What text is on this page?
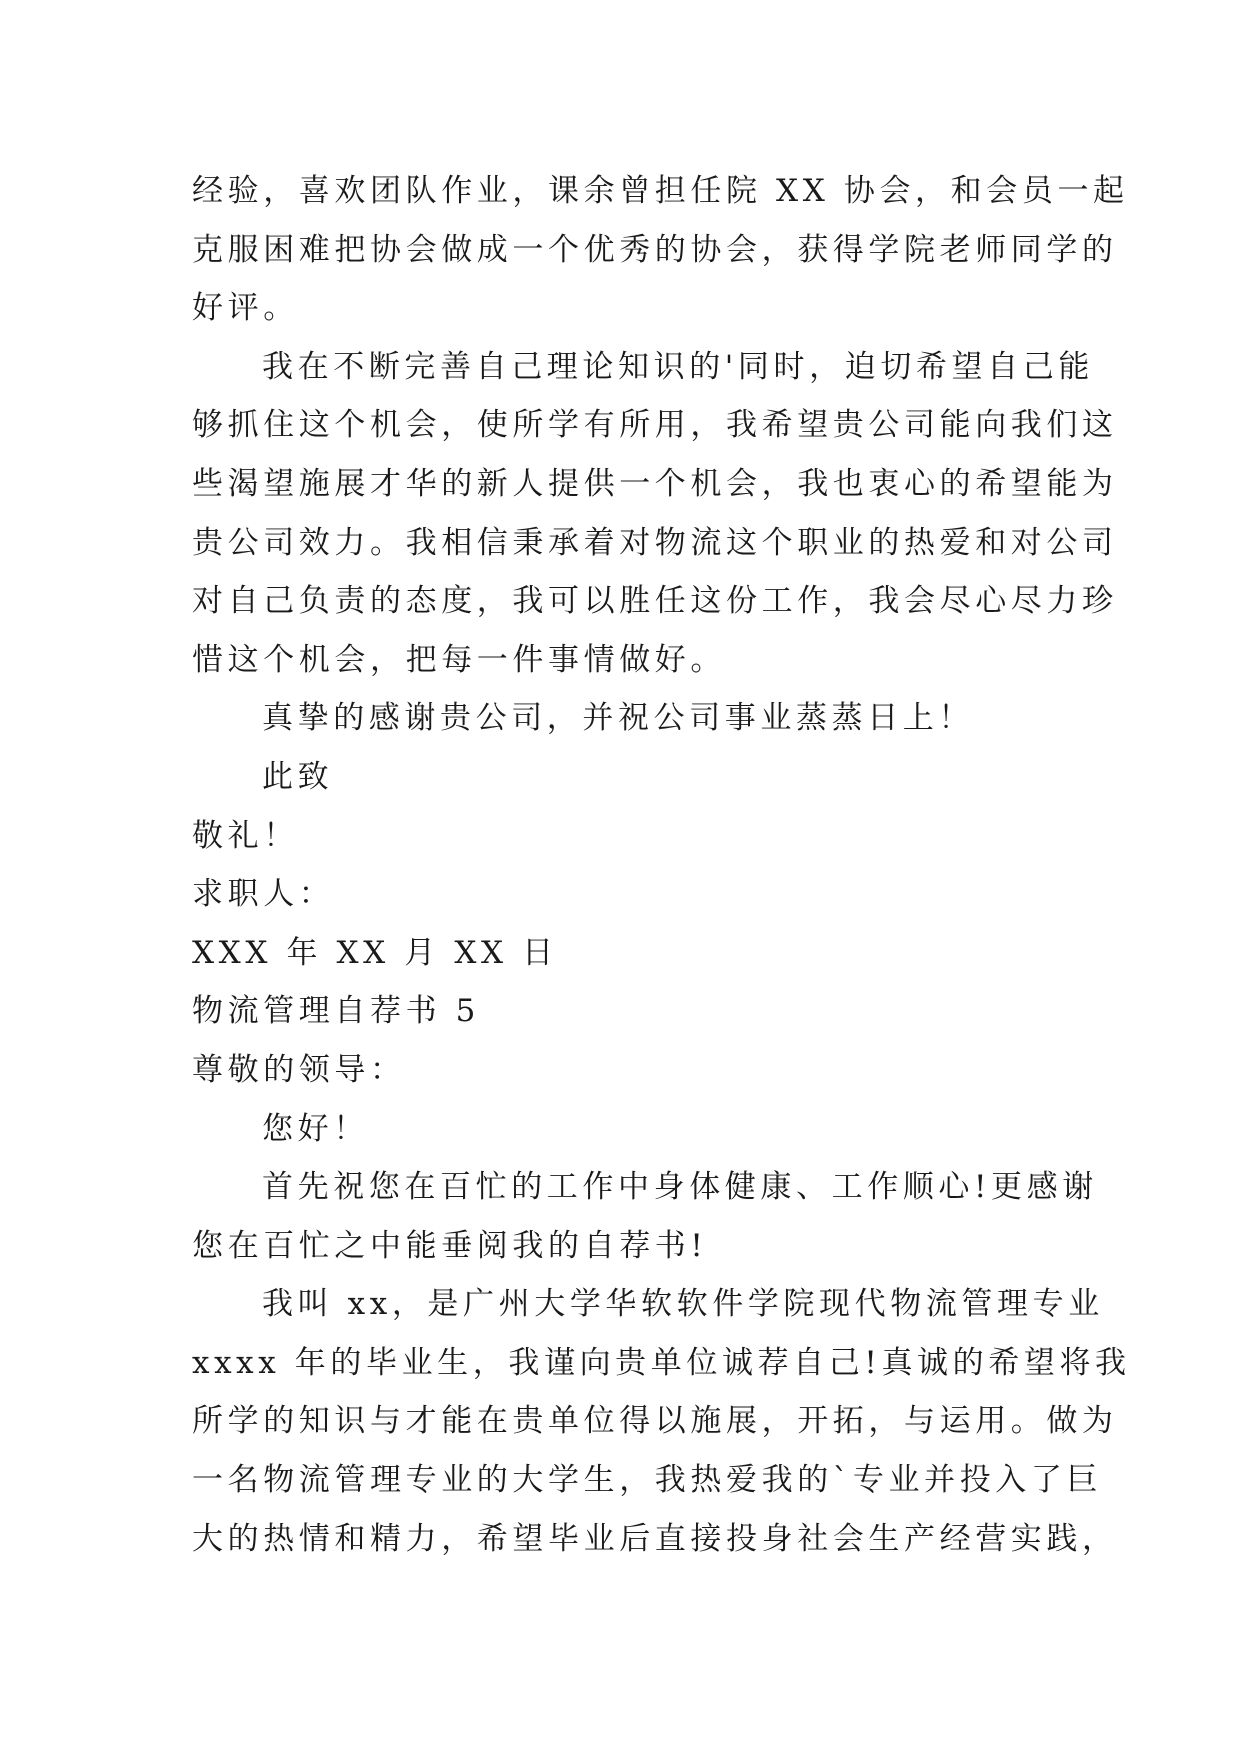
经验，喜欢团队作业，课余曾担任院 XX 协会，和会员一起
克服困难把协会做成一个优秀的协会，获得学院老师同学的
好评。
我在不断完善自己理论知识的'同时，迫切希望自己能
够抓住这个机会，使所学有所用，我希望贵公司能向我们这
些渴望施展才华的新人提供一个机会，我也衷心的希望能为
贵公司效力。我相信秉承着对物流这个职业的热爱和对公司
对自己负责的态度，我可以胜任这份工作，我会尽心尽力珍
惜这个机会，把每一件事情做好。
真挚的感谢贵公司，并祝公司事业蒸蒸日上！
此致
敬礼！
求职人：
XXX 年 XX 月 XX 日
物流管理自荐书 5
尊敬的领导：
您好！
首先祝您在百忙的工作中身体健康、工作顺心!更感谢
您在百忙之中能垂阅我的自荐书!
我叫 xx，是广州大学华软软件学院现代物流管理专业
xxxx 年的毕业生，我谨向贵单位诚荐自己!真诚的希望将我
所学的知识与才能在贵单位得以施展，开拓，与运用。做为
一名物流管理专业的大学生，我热爱我的`专业并投入了巨
大的热情和精力，希望毕业后直接投身社会生产经营实践，
